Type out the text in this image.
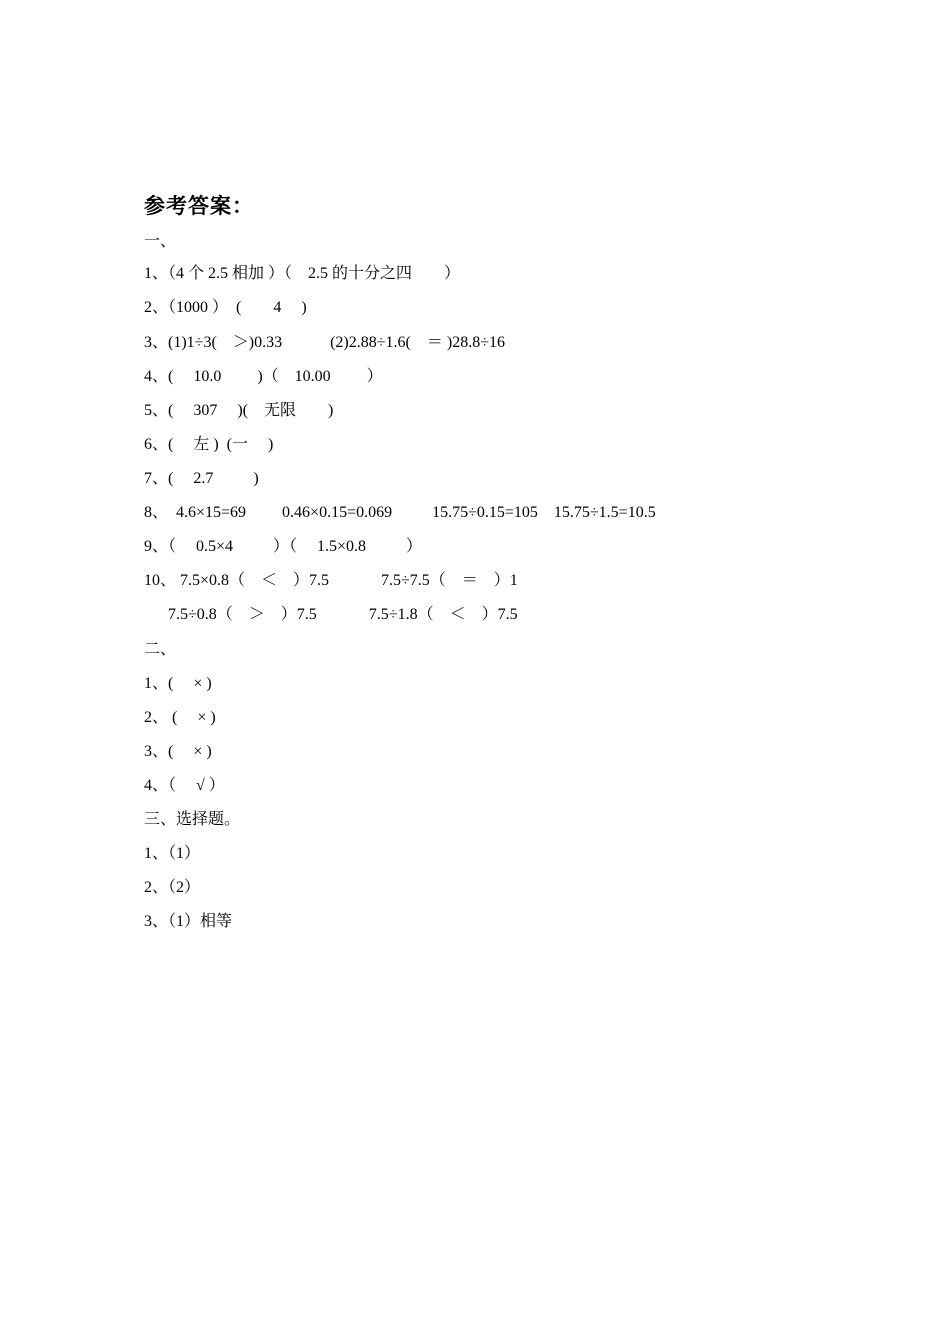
参考答案：
一、
1、（4 个 2.5 相加 ）（    2.5 的十分之四        ）
2、（1000 ）  (        4     )
3、(1)1÷3(    ＞)0.33            (2)2.88÷1.6(    ＝ )28.8÷16
4、(     10.0         )（    10.00         ）
5、(     307     )(    无限        )
6、(     左 )  (一     )
7、(     2.7          )
8、  4.6×15=69         0.46×0.15=0.069          15.75÷0.15=105    15.75÷1.5=10.5
9、（     0.5×4          ）（     1.5×0.8          ）
10、 7.5×0.8（    ＜    ）7.5             7.5÷7.5（    ＝    ）1
7.5÷0.8（    ＞    ）7.5             7.5÷1.8（    ＜    ）7.5
二、
1、(     × )
2、 (     × )
3、(     × )
4、（     √ ）
三、选择题。
1、（1）
2、（2）
3、（1）相等
